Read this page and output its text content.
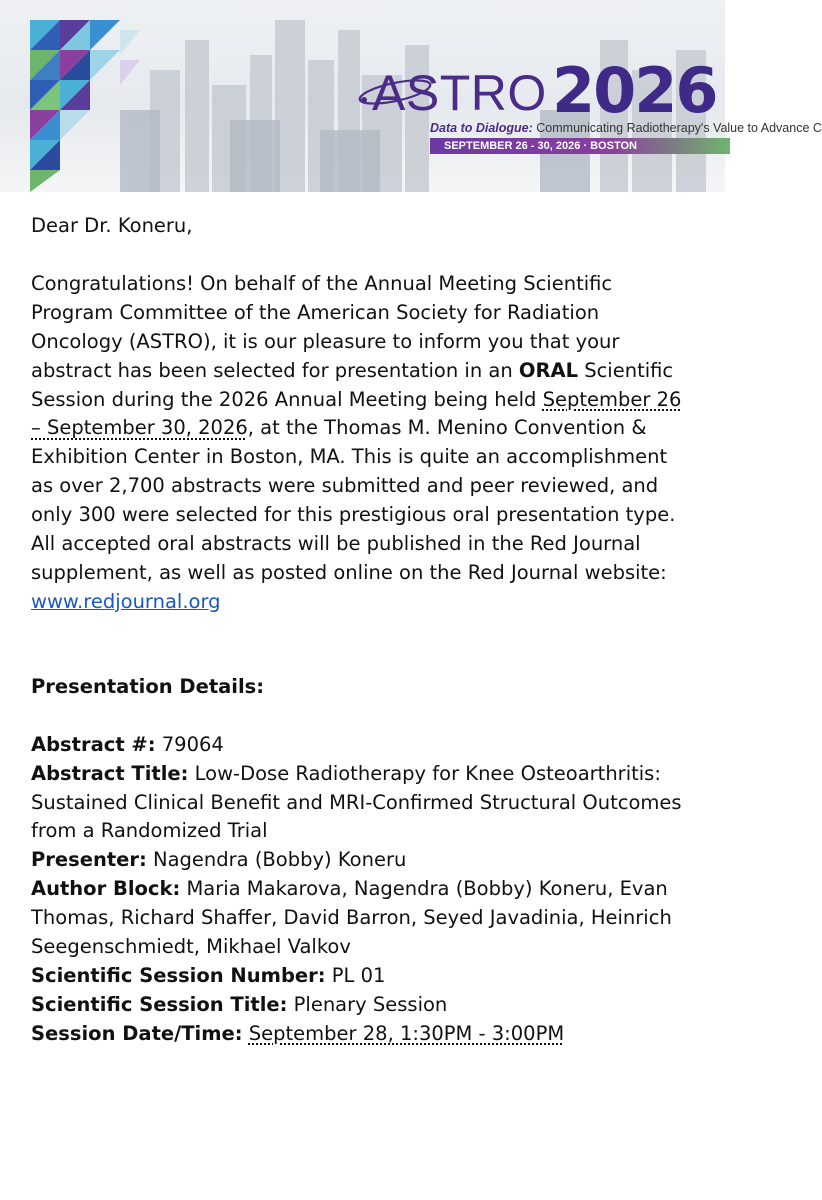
ASTRO 2026
Data to Dialogue: Communicating Radiotherapy's Value to Advance C
SEPTEMBER 26 - 30, 2026 · BOSTON

Dear Dr. Koneru,

Congratulations! On behalf of the Annual Meeting Scientific Program Committee of the American Society for Radiation Oncology (ASTRO), it is our pleasure to inform you that your abstract has been selected for presentation in an ORAL Scientific Session during the 2026 Annual Meeting being held September 26 – September 30, 2026, at the Thomas M. Menino Convention & Exhibition Center in Boston, MA. This is quite an accomplishment as over 2,700 abstracts were submitted and peer reviewed, and only 300 were selected for this prestigious oral presentation type. All accepted oral abstracts will be published in the Red Journal supplement, as well as posted online on the Red Journal website: www.redjournal.org

Presentation Details:

Abstract #: 79064

Abstract Title: Low-Dose Radiotherapy for Knee Osteoarthritis: Sustained Clinical Benefit and MRI-Confirmed Structural Outcomes from a Randomized Trial

Presenter: Nagendra (Bobby) Koneru

Author Block: Maria Makarova, Nagendra (Bobby) Koneru, Evan Thomas, Richard Shaffer, David Barron, Seyed Javadinia, Heinrich Seegenschmiedt, Mikhael Valkov

Scientific Session Number: PL 01

Scientific Session Title: Plenary Session

Session Date/Time: September 28, 1:30PM - 3:00PM
